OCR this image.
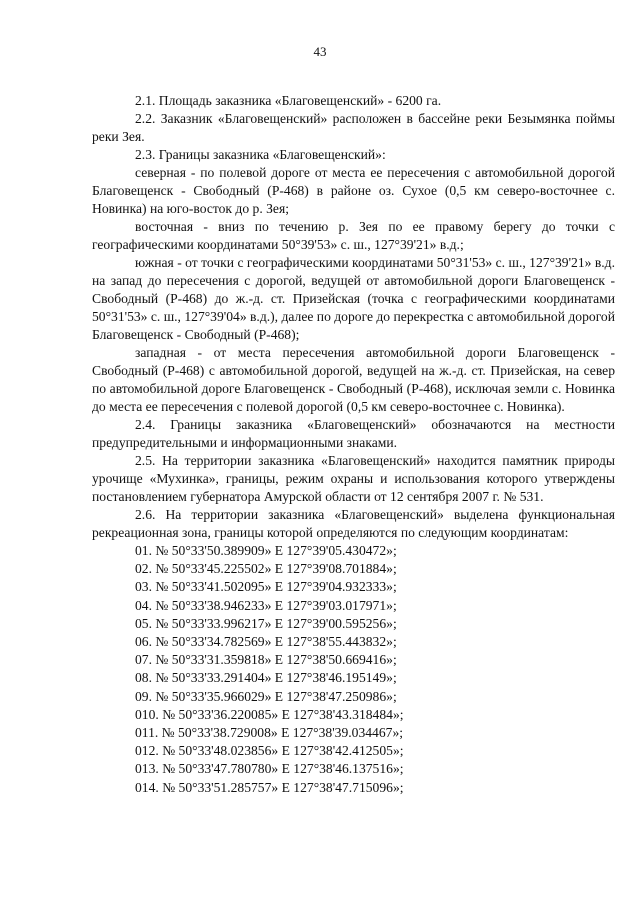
43

2.1. Площадь заказника «Благовещенский» - 6200 га.

2.2. Заказник «Благовещенский» расположен в бассейне реки Безымянка поймы реки Зея.

2.3. Границы заказника «Благовещенский»:

северная - по полевой дороге от места ее пересечения с автомобильной дорогой Благовещенск - Свободный (Р-468) в районе оз. Сухое (0,5 км северо-восточнее с. Новинка) на юго-восток до р. Зея;

восточная - вниз по течению р. Зея по ее правому берегу до точки с географическими координатами 50°39'53» с. ш., 127°39'21» в.д.;

южная - от точки с географическими координатами 50°31'53» с. ш., 127°39'21» в.д. на запад до пересечения с дорогой, ведущей от автомобильной дороги Благовещенск - Свободный (Р-468) до ж.-д. ст. Призейская (точка с географическими координатами 50°31'53» с. ш., 127°39'04» в.д.), далее по дороге до перекрестка с автомобильной дорогой Благовещенск - Свободный (Р-468);

западная - от места пересечения автомобильной дороги Благовещенск - Свободный (Р-468) с автомобильной дорогой, ведущей на ж.-д. ст. Призейская, на север по автомобильной дороге Благовещенск - Свободный (Р-468), исключая земли с. Новинка до места ее пересечения с полевой дорогой (0,5 км северо-восточнее с. Новинка).

2.4. Границы заказника «Благовещенский» обозначаются на местности предупредительными и информационными знаками.

2.5. На территории заказника «Благовещенский» находится памятник природы урочище «Мухинка», границы, режим охраны и использования которого утверждены постановлением губернатора Амурской области от 12 сентября 2007 г. № 531.

2.6. На территории заказника «Благовещенский» выделена функциональная рекреационная зона, границы которой определяются по следующим координатам:

01. № 50°33'50.389909» E 127°39'05.430472»;
02. № 50°33'45.225502» E 127°39'08.701884»;
03. № 50°33'41.502095» E 127°39'04.932333»;
04. № 50°33'38.946233» E 127°39'03.017971»;
05. № 50°33'33.996217» E 127°39'00.595256»;
06. № 50°33'34.782569» E 127°38'55.443832»;
07. № 50°33'31.359818» E 127°38'50.669416»;
08. № 50°33'33.291404» E 127°38'46.195149»;
09. № 50°33'35.966029» E 127°38'47.250986»;
010. № 50°33'36.220085» E 127°38'43.318484»;
011. № 50°33'38.729008» E 127°38'39.034467»;
012. № 50°33'48.023856» E 127°38'42.412505»;
013. № 50°33'47.780780» E 127°38'46.137516»;
014. № 50°33'51.285757» E 127°38'47.715096»;
